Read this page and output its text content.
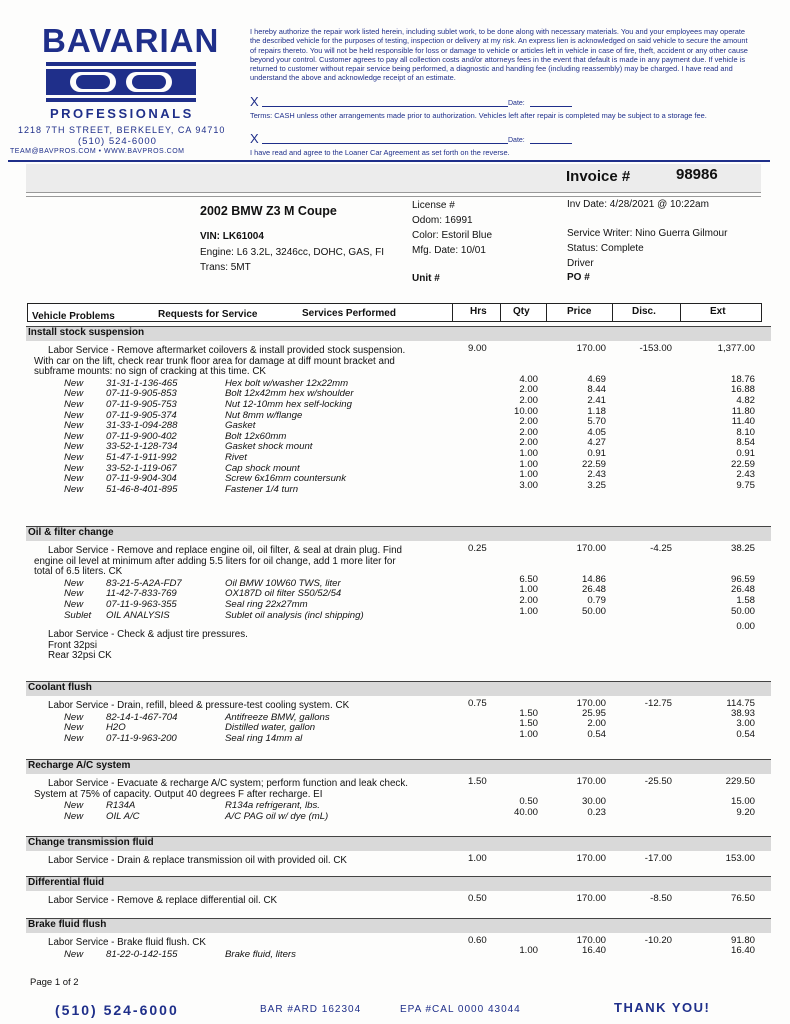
BAVARIAN
PROFESSIONALS
1218 7TH STREET, BERKELEY, CA 94710
(510) 524-6000
TEAM@BAVPROS.COM • WWW.BAVPROS.COM
I hereby authorize the repair work listed herein, including sublet work, to be done along with necessary materials. You and your employees may operate the described vehicle for the purposes of testing, inspection or delivery at my risk. An express lien is acknowledged on said vehicle to secure the amount of repairs thereto. You will not be held responsible for loss or damage to vehicle or articles left in vehicle in case of fire, theft, accident or any other cause beyond your control. Customer agrees to pay all collection costs and/or attorneys fees in the event that default is made in any payment due. If vehicle is returned to customer without repair service being performed, a diagnostic and handling fee (including reassembly) may be charged. I have read and understand the above and acknowledge receipt of an estimate.
X	Date:
Terms: CASH unless other arrangements made prior to authorization. Vehicles left after repair is completed may be subject to a storage fee.
X	Date:
I have read and agree to the Loaner Car Agreement as set forth on the reverse.
Invoice #	98986
2002 BMW Z3 M Coupe
VIN: LK61004
Engine: L6 3.2L, 3246cc, DOHC, GAS, FI
Trans: 5MT
License #
Odom: 16991
Color: Estoril Blue
Mfg. Date: 10/01
Unit #
Inv Date: 4/28/2021 @ 10:22am
Service Writer: Nino Guerra Gilmour
Status: Complete
Driver
PO #
Vehicle Problems	Requests for Service	Services Performed	Hrs	Qty	Price	Disc.	Ext
Install stock suspension
Labor Service - Remove aftermarket coilovers & install provided stock suspension.
With car on the lift, check rear trunk floor area for damage at diff mount bracket and
subframe mounts: no sign of cracking at this time. CK
9.00	170.00	-153.00	1,377.00
New 31-31-1-136-465	Hex bolt w/washer 12x22mm	4.00	4.69	18.76
New 07-11-9-905-853	Bolt 12x42mm hex w/shoulder	2.00	8.44	16.88
New 07-11-9-905-753	Nut 12-10mm hex self-locking	2.00	2.41	4.82
New 07-11-9-905-374	Nut 8mm w/flange	10.00	1.18	11.80
New 31-33-1-094-288	Gasket	2.00	5.70	11.40
New 07-11-9-900-402	Bolt 12x60mm	2.00	4.05	8.10
New 33-52-1-128-734	Gasket shock mount	2.00	4.27	8.54
New 51-47-1-911-992	Rivet	1.00	0.91	0.91
New 33-52-1-119-067	Cap shock mount	1.00	22.59	22.59
New 07-11-9-904-304	Screw 6x16mm countersunk	1.00	2.43	2.43
New 51-46-8-401-895	Fastener 1/4 turn	3.00	3.25	9.75
Oil & filter change
Labor Service - Remove and replace engine oil, oil filter, & seal at drain plug. Find
engine oil level at minimum after adding 5.5 liters for oil change, add 1 more liter for
total of 6.5 liters. CK
0.25	170.00	-4.25	38.25
New 83-21-5-A2A-FD7	Oil BMW 10W60 TWS, liter	6.50	14.86	96.59
New 11-42-7-833-769	OX187D oil filter S50/52/54	1.00	26.48	26.48
New 07-11-9-963-355	Seal ring 22x27mm	2.00	0.79	1.58
Sublet OIL ANALYSIS	Sublet oil analysis (incl shipping)	1.00	50.00	50.00
0.00
Labor Service - Check & adjust tire pressures.
Front 32psi
Rear 32psi CK
Coolant flush
Labor Service - Drain, refill, bleed & pressure-test cooling system. CK	0.75	170.00	-12.75	114.75
New 82-14-1-467-704	Antifreeze BMW, gallons	1.50	25.95	38.93
New H2O	Distilled water, gallon	1.50	2.00	3.00
New 07-11-9-963-200	Seal ring 14mm al	1.00	0.54	0.54
Recharge A/C system
Labor Service - Evacuate & recharge A/C system; perform function and leak check.
System at 75% of capacity. Output 40 degrees F after recharge. EI
1.50	170.00	-25.50	229.50
New R134A	R134a refrigerant, lbs.	0.50	30.00	15.00
New OIL A/C	A/C PAG oil w/ dye (mL)	40.00	0.23	9.20
Change transmission fluid
Labor Service - Drain & replace transmission oil with provided oil. CK	1.00	170.00	-17.00	153.00
Differential fluid
Labor Service - Remove & replace differential oil. CK	0.50	170.00	-8.50	76.50
Brake fluid flush
Labor Service - Brake fluid flush. CK	0.60	170.00	-10.20	91.80
New 81-22-0-142-155	Brake fluid, liters	1.00	16.40	16.40
Page 1 of 2
(510) 524-6000	BAR #ARD 162304	EPA #CAL 0000 43044	THANK YOU!
